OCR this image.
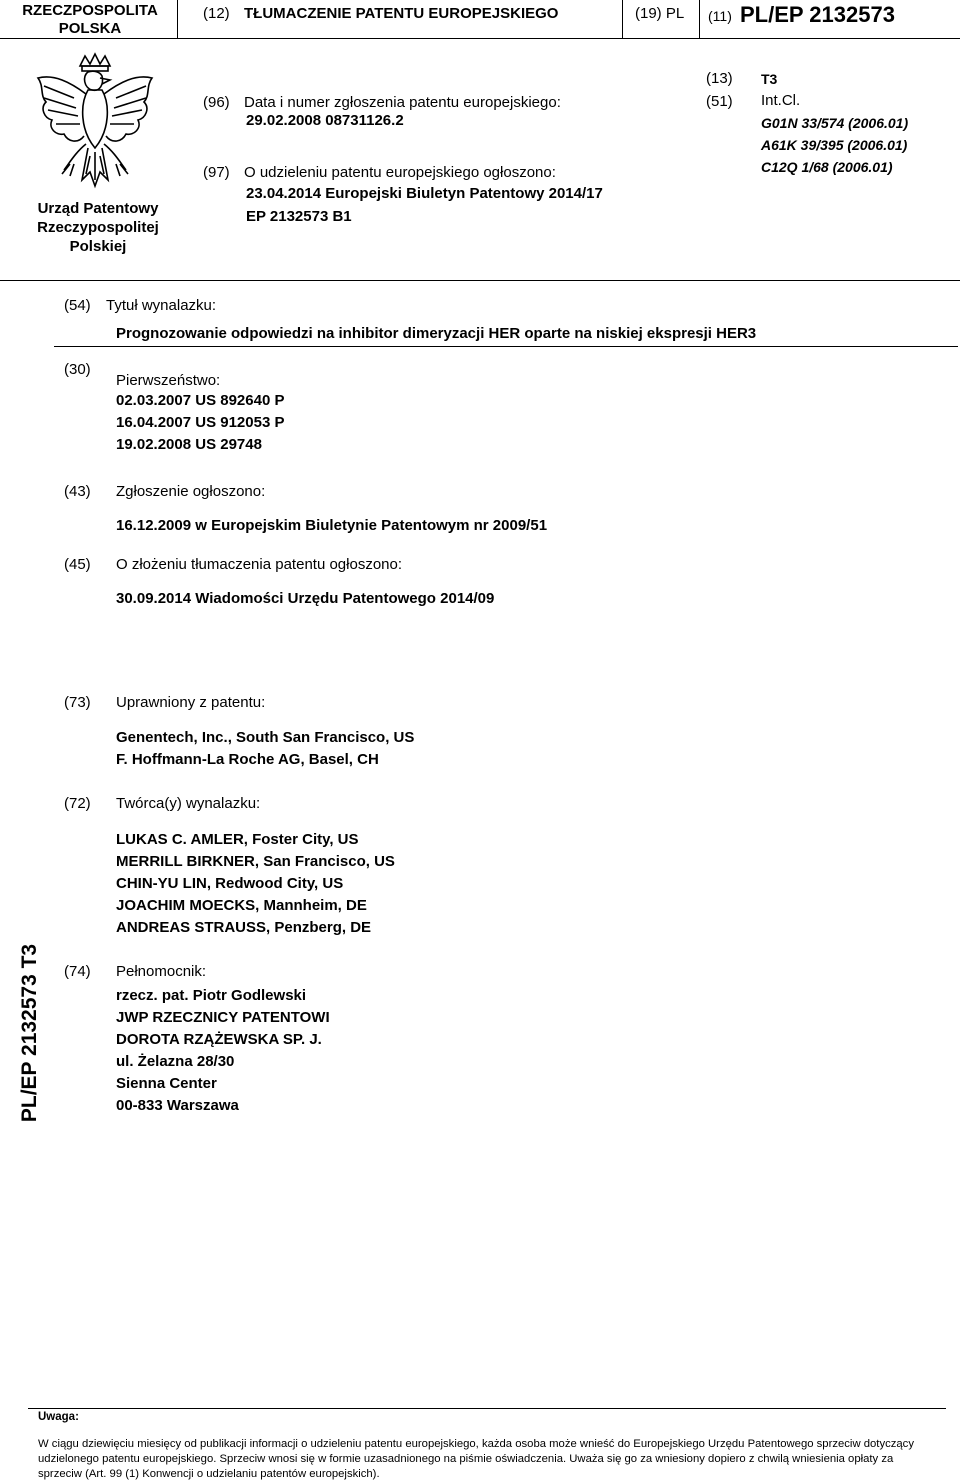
RZECZPOSPOLITA POLSKA
(12) TŁUMACZENIE PATENTU EUROPEJSKIEGO	(19) PL (11) PL/EP 2132573
Urząd Patentowy
Rzeczypospolitej
Polskiej
(96) Data i numer zgłoszenia patentu europejskiego:
29.02.2008 08731126.2
(97) O udzieleniu patentu europejskiego ogłoszono:
23.04.2014 Europejski Biuletyn Patentowy 2014/17
EP 2132573 B1
(13) T3
(51) Int.Cl.
G01N 33/574 (2006.01)
A61K 39/395 (2006.01)
C12Q 1/68 (2006.01)
(54) Tytuł wynalazku:
Prognozowanie odpowiedzi na inhibitor dimeryzacji HER oparte na niskiej ekspresji HER3
(30)
Pierwszeństwo:
02.03.2007 US 892640 P
16.04.2007 US 912053 P
19.02.2008 US 29748
(43) Zgłoszenie ogłoszono:
16.12.2009 w Europejskim Biuletynie Patentowym nr 2009/51
(45) O złożeniu tłumaczenia patentu ogłoszono:
30.09.2014 Wiadomości Urzędu Patentowego 2014/09
(73) Uprawniony z patentu:
Genentech, Inc., South San Francisco, US
F. Hoffmann-La Roche AG, Basel, CH
(72) Twórca(y) wynalazku:
LUKAS C. AMLER, Foster City, US
MERRILL BIRKNER, San Francisco, US
CHIN-YU LIN, Redwood City, US
JOACHIM MOECKS, Mannheim, DE
ANDREAS STRAUSS, Penzberg, DE
(74) Pełnomocnik:
rzecz. pat. Piotr Godlewski
JWP RZECZNICY PATENTOWI
DOROTA RZĄŻEWSKA SP. J.
ul. Żelazna 28/30
Sienna Center
00-833 Warszawa
PL/EP 2132573 T3
Uwaga:
W ciągu dziewięciu miesięcy od publikacji informacji o udzieleniu patentu europejskiego, każda osoba może wnieść do Europejskiego Urzędu Patentowego sprzeciw dotyczący
udzielonego patentu europejskiego. Sprzeciw wnosi się w formie uzasadnionego na piśmie oświadczenia. Uważa się go za wniesiony dopiero z chwilą wniesienia opłaty za
sprzeciw (Art. 99 (1) Konwencji o udzielaniu patentów europejskich).
